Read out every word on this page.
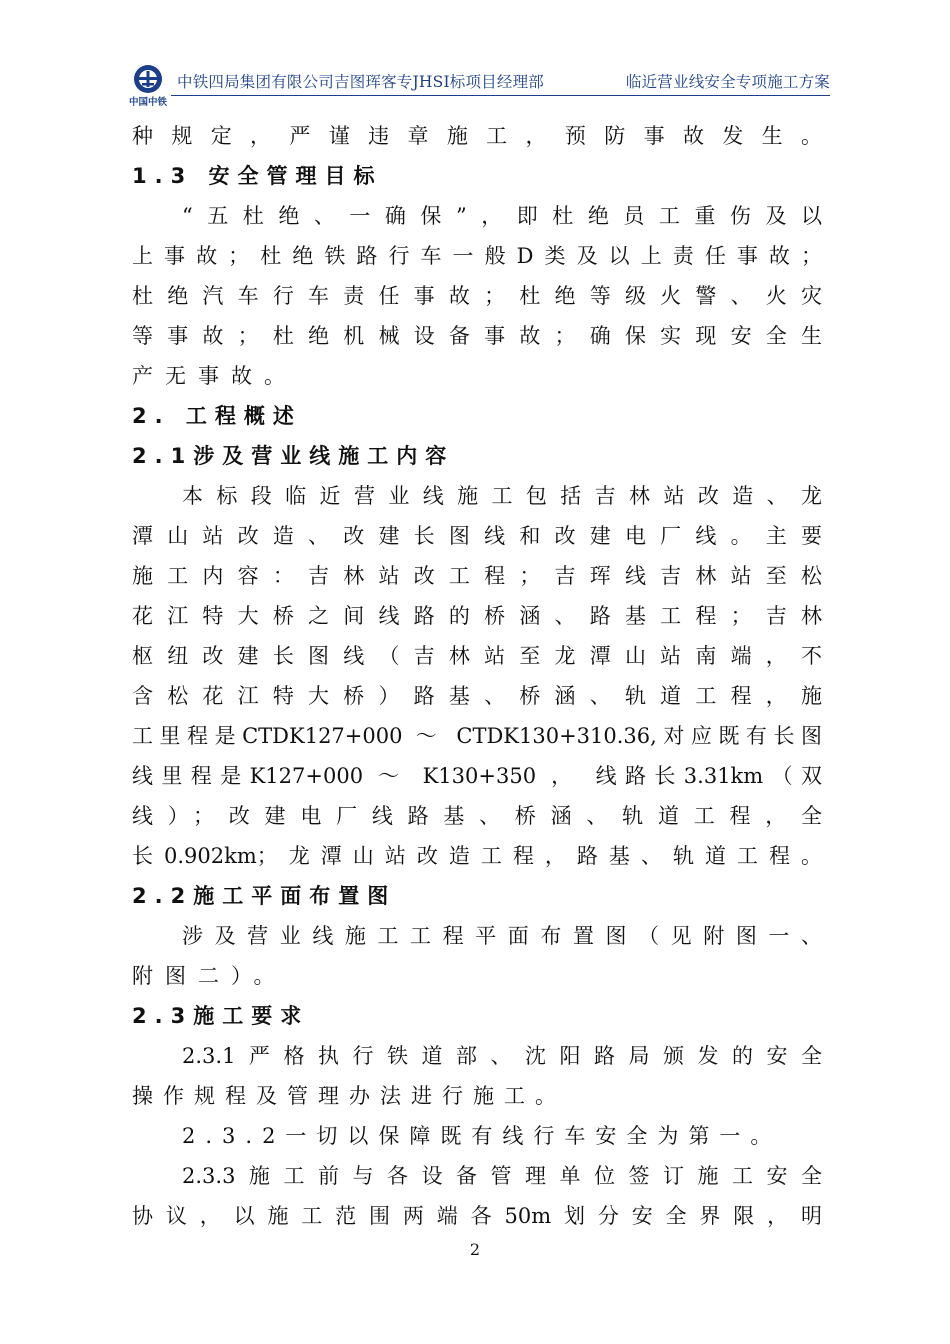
中国中铁
中铁四局集团有限公司吉图珲客专JHSⅠ标项目经理部	临近营业线安全专项施工方案
种规定，严谨违章施工，预防事故发生。
1.3 安全管理目标
“五杜绝、一确保”，即杜绝员工重伤及以
上事故；杜绝铁路行车一般D类及以上责任事故；
杜绝汽车行车责任事故；杜绝等级火警、火灾
等事故；杜绝机械设备事故；确保实现安全生
产无事故。
2. 工程概述
2.1涉及营业线施工内容
本标段临近营业线施工包括吉林站改造、龙
潭山站改造、改建长图线和改建电厂线。主要
施工内容：吉林站改工程；吉珲线吉林站至松
花江特大桥之间线路的桥涵、路基工程；吉林
枢纽改建长图线（吉林站至龙潭山站南端，不
含松花江特大桥）路基、桥涵、轨道工程，施
工里程是CTDK127+000 ～ CTDK130+310.36,对应既有长图
线里程是K127+000 ～ K130+350 ， 线路长3.31km（双
线）；改建电厂线路基、桥涵、轨道工程，全
长0.902km；龙潭山站改造工程，路基、轨道工程。
2.2施工平面布置图
涉及营业线施工工程平面布置图（见附图一、
附图二）。
2.3施工要求
2.3.1严格执行铁道部、沈阳路局颁发的安全
操作规程及管理办法进行施工。
2.3.2一切以保障既有线行车安全为第一。
2.3.3施工前与各设备管理单位签订施工安全
协议，以施工范围两端各50m划分安全界限，明
2
